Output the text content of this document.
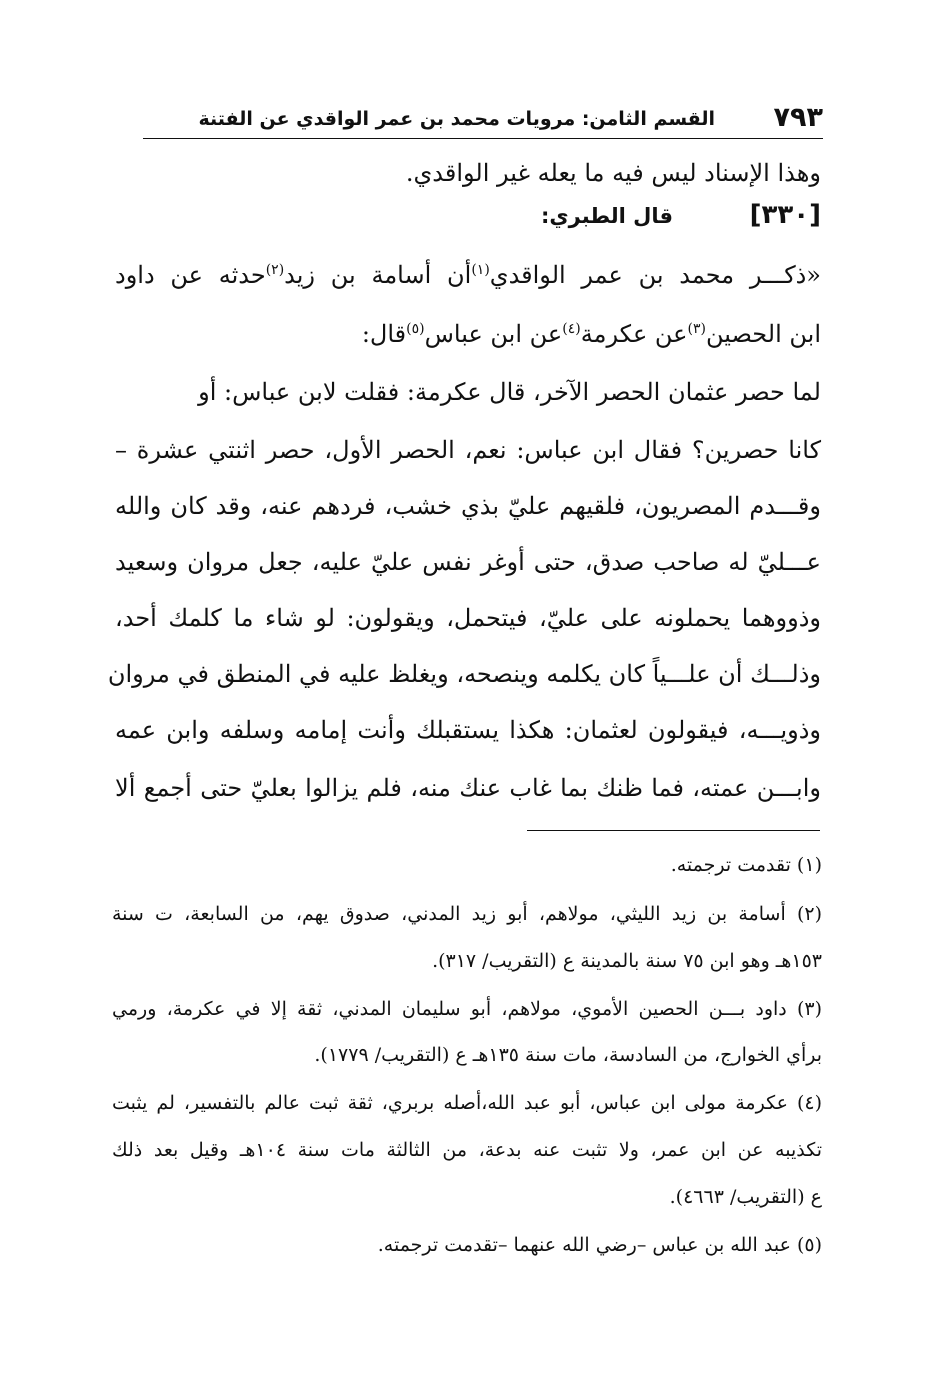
٧٩٣
القسم الثامن: مرويات محمد بن عمر الواقدي عن الفتنة
وهذا الإسناد ليس فيه ما يعله غير الواقدي.
[٣٣٠]
قال الطبري:
«ذكـــر محمد بن عمر الواقدي$^{(١)}$أن أسامة بن زيد$^{(٢)}$حدثه عن داود
ابن الحصين$^{(٣)}$عن عكرمة$^{(٤)}$عن ابن عباس$^{(٥)}$قال:
لما حصر عثمان الحصر الآخر، قال عكرمة: فقلت لابن عباس: أو
كانا حصرين؟ فقال ابن عباس: نعم، الحصر الأول، حصر اثنتي عشرة –
وقـــدم المصريون، فلقيهم عليّ بذي خشب، فردهم عنه، وقد كان والله
عـــليّ له صاحب صدق، حتى أوغر نفس عليّ عليه، جعل مروان وسعيد
وذووهما يحملونه على عليّ، فيتحمل، ويقولون: لو شاء ما كلمك أحد،
وذلـــك أن علـــياً كان يكلمه وينصحه، ويغلظ عليه في المنطق في مروان
وذويـــه، فيقولون لعثمان: هكذا يستقبلك وأنت إمامه وسلفه وابن عمه
وابـــن عمته، فما ظنك بما غاب عنك منه، فلم يزالوا بعليّ حتى أجمع ألا
(١) تقدمت ترجمته.
(٢) أسامة بن زيد الليثي، مولاهم، أبو زيد المدني، صدوق يهم، من السابعة، ت سنة
١٥٣هـ وهو ابن ٧٥ سنة بالمدينة ع (التقريب/ ٣١٧).
(٣) داود بـــن الحصين الأموي، مولاهم، أبو سليمان المدني، ثقة إلا في عكرمة، ورمي
برأي الخوارج، من السادسة، مات سنة ١٣٥هـ ع (التقريب/ ١٧٧٩).
(٤) عكرمة مولى ابن عباس، أبو عبد الله،أصله بربري، ثقة ثبت عالم بالتفسير، لم يثبت
تكذيبه عن ابن عمر، ولا تثبت عنه بدعة، من الثالثة مات سنة ١٠٤هـ وقيل بعد ذلك
ع (التقريب/ ٤٦٦٣).
(٥) عبد الله بن عباس –رضي الله عنهما –تقدمت ترجمته.
